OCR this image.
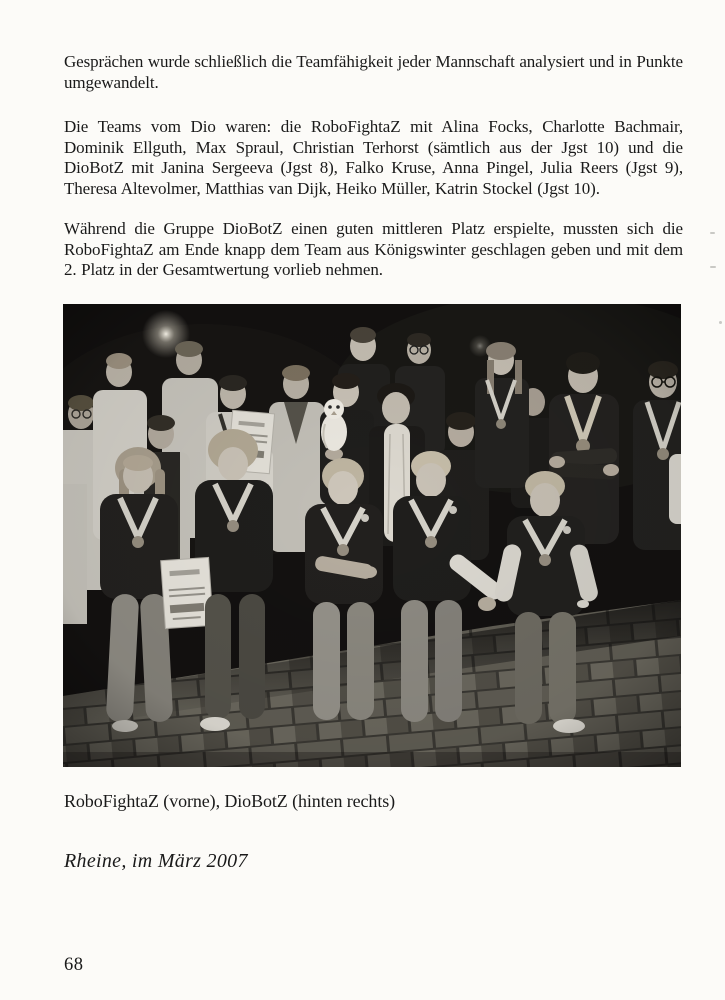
Gesprächen wurde schließlich die Teamfähigkeit jeder Mannschaft analysiert und in Punkte umgewandelt.

Die Teams vom Dio waren: die RoboFightaZ mit Alina Focks, Charlotte Bachmair, Dominik Ellguth, Max Spraul, Christian Terhorst (sämtlich aus der Jgst 10) und die DioBotZ mit Janina Sergeeva (Jgst 8), Falko Kruse, Anna Pingel, Julia Reers (Jgst 9), Theresa Altevolmer, Matthias van Dijk, Heiko Müller, Katrin Stockel (Jgst 10).

Während die Gruppe DioBotZ einen guten mittleren Platz erspielte, mussten sich die RoboFightaZ am Ende knapp dem Team aus Königswinter geschlagen geben und mit dem 2. Platz in der Gesamtwertung vorlieb nehmen.

RoboFightaZ (vorne), DioBotZ (hinten rechts)

Rheine, im März 2007

68
